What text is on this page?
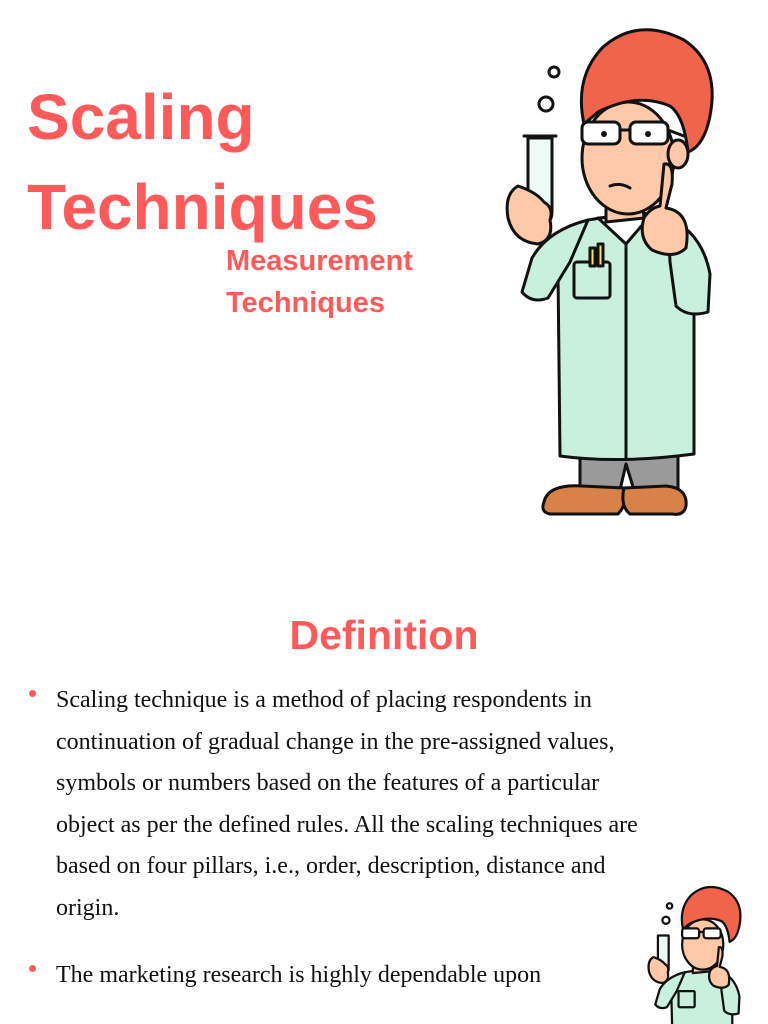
Scaling
Techniques
Measurement
Techniques
Definition
• Scaling technique is a method of placing respondents in continuation of gradual change in the pre-assigned values, symbols or numbers based on the features of a particular object as per the defined rules. All the scaling techniques are based on four pillars, i.e., order, description, distance and origin.
• The marketing research is highly dependable upon
